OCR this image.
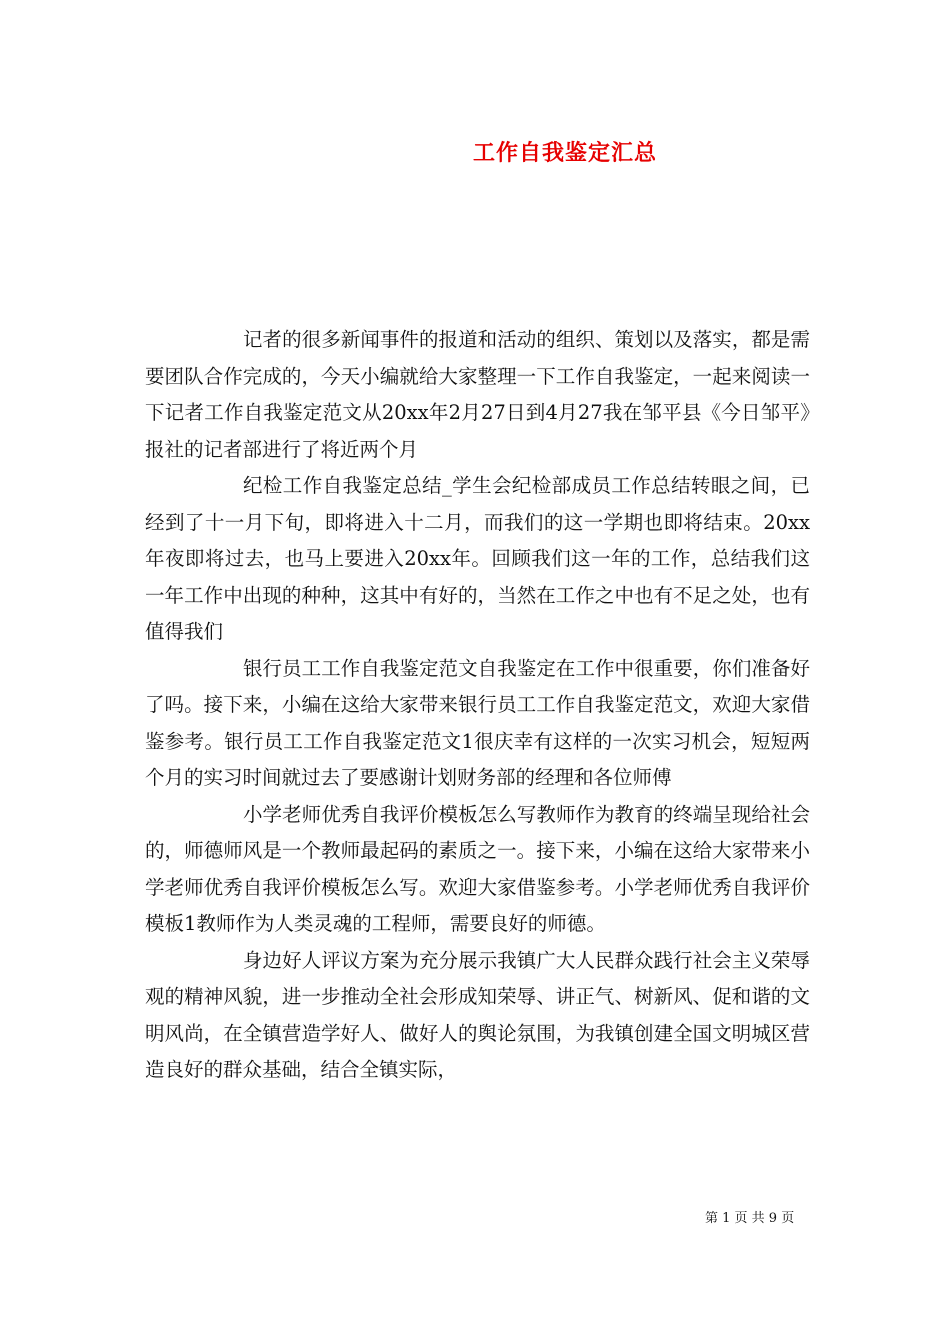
工作自我鉴定汇总

记者的很多新闻事件的报道和活动的组织、策划以及落实，都是需要团队合作完成的，今天小编就给大家整理一下工作自我鉴定，一起来阅读一下记者工作自我鉴定范文从20xx年2月27日到4月27我在邹平县《今日邹平》报社的记者部进行了将近两个月

纪检工作自我鉴定总结_学生会纪检部成员工作总结转眼之间，已经到了十一月下旬，即将进入十二月，而我们的这一学期也即将结束。20xx年夜即将过去，也马上要进入20xx年。回顾我们这一年的工作，总结我们这一年工作中出现的种种，这其中有好的，当然在工作之中也有不足之处，也有值得我们

银行员工工作自我鉴定范文自我鉴定在工作中很重要，你们准备好了吗。接下来，小编在这给大家带来银行员工工作自我鉴定范文，欢迎大家借鉴参考。银行员工工作自我鉴定范文1很庆幸有这样的一次实习机会，短短两个月的实习时间就过去了要感谢计划财务部的经理和各位师傅

小学老师优秀自我评价模板怎么写教师作为教育的终端呈现给社会的，师德师风是一个教师最起码的素质之一。接下来，小编在这给大家带来小学老师优秀自我评价模板怎么写。欢迎大家借鉴参考。小学老师优秀自我评价模板1教师作为人类灵魂的工程师，需要良好的师德。

身边好人评议方案为充分展示我镇广大人民群众践行社会主义荣辱观的精神风貌，进一步推动全社会形成知荣辱、讲正气、树新风、促和谐的文明风尚，在全镇营造学好人、做好人的舆论氛围，为我镇创建全国文明城区营造良好的群众基础，结合全镇实际，

第 1 页 共 9 页
